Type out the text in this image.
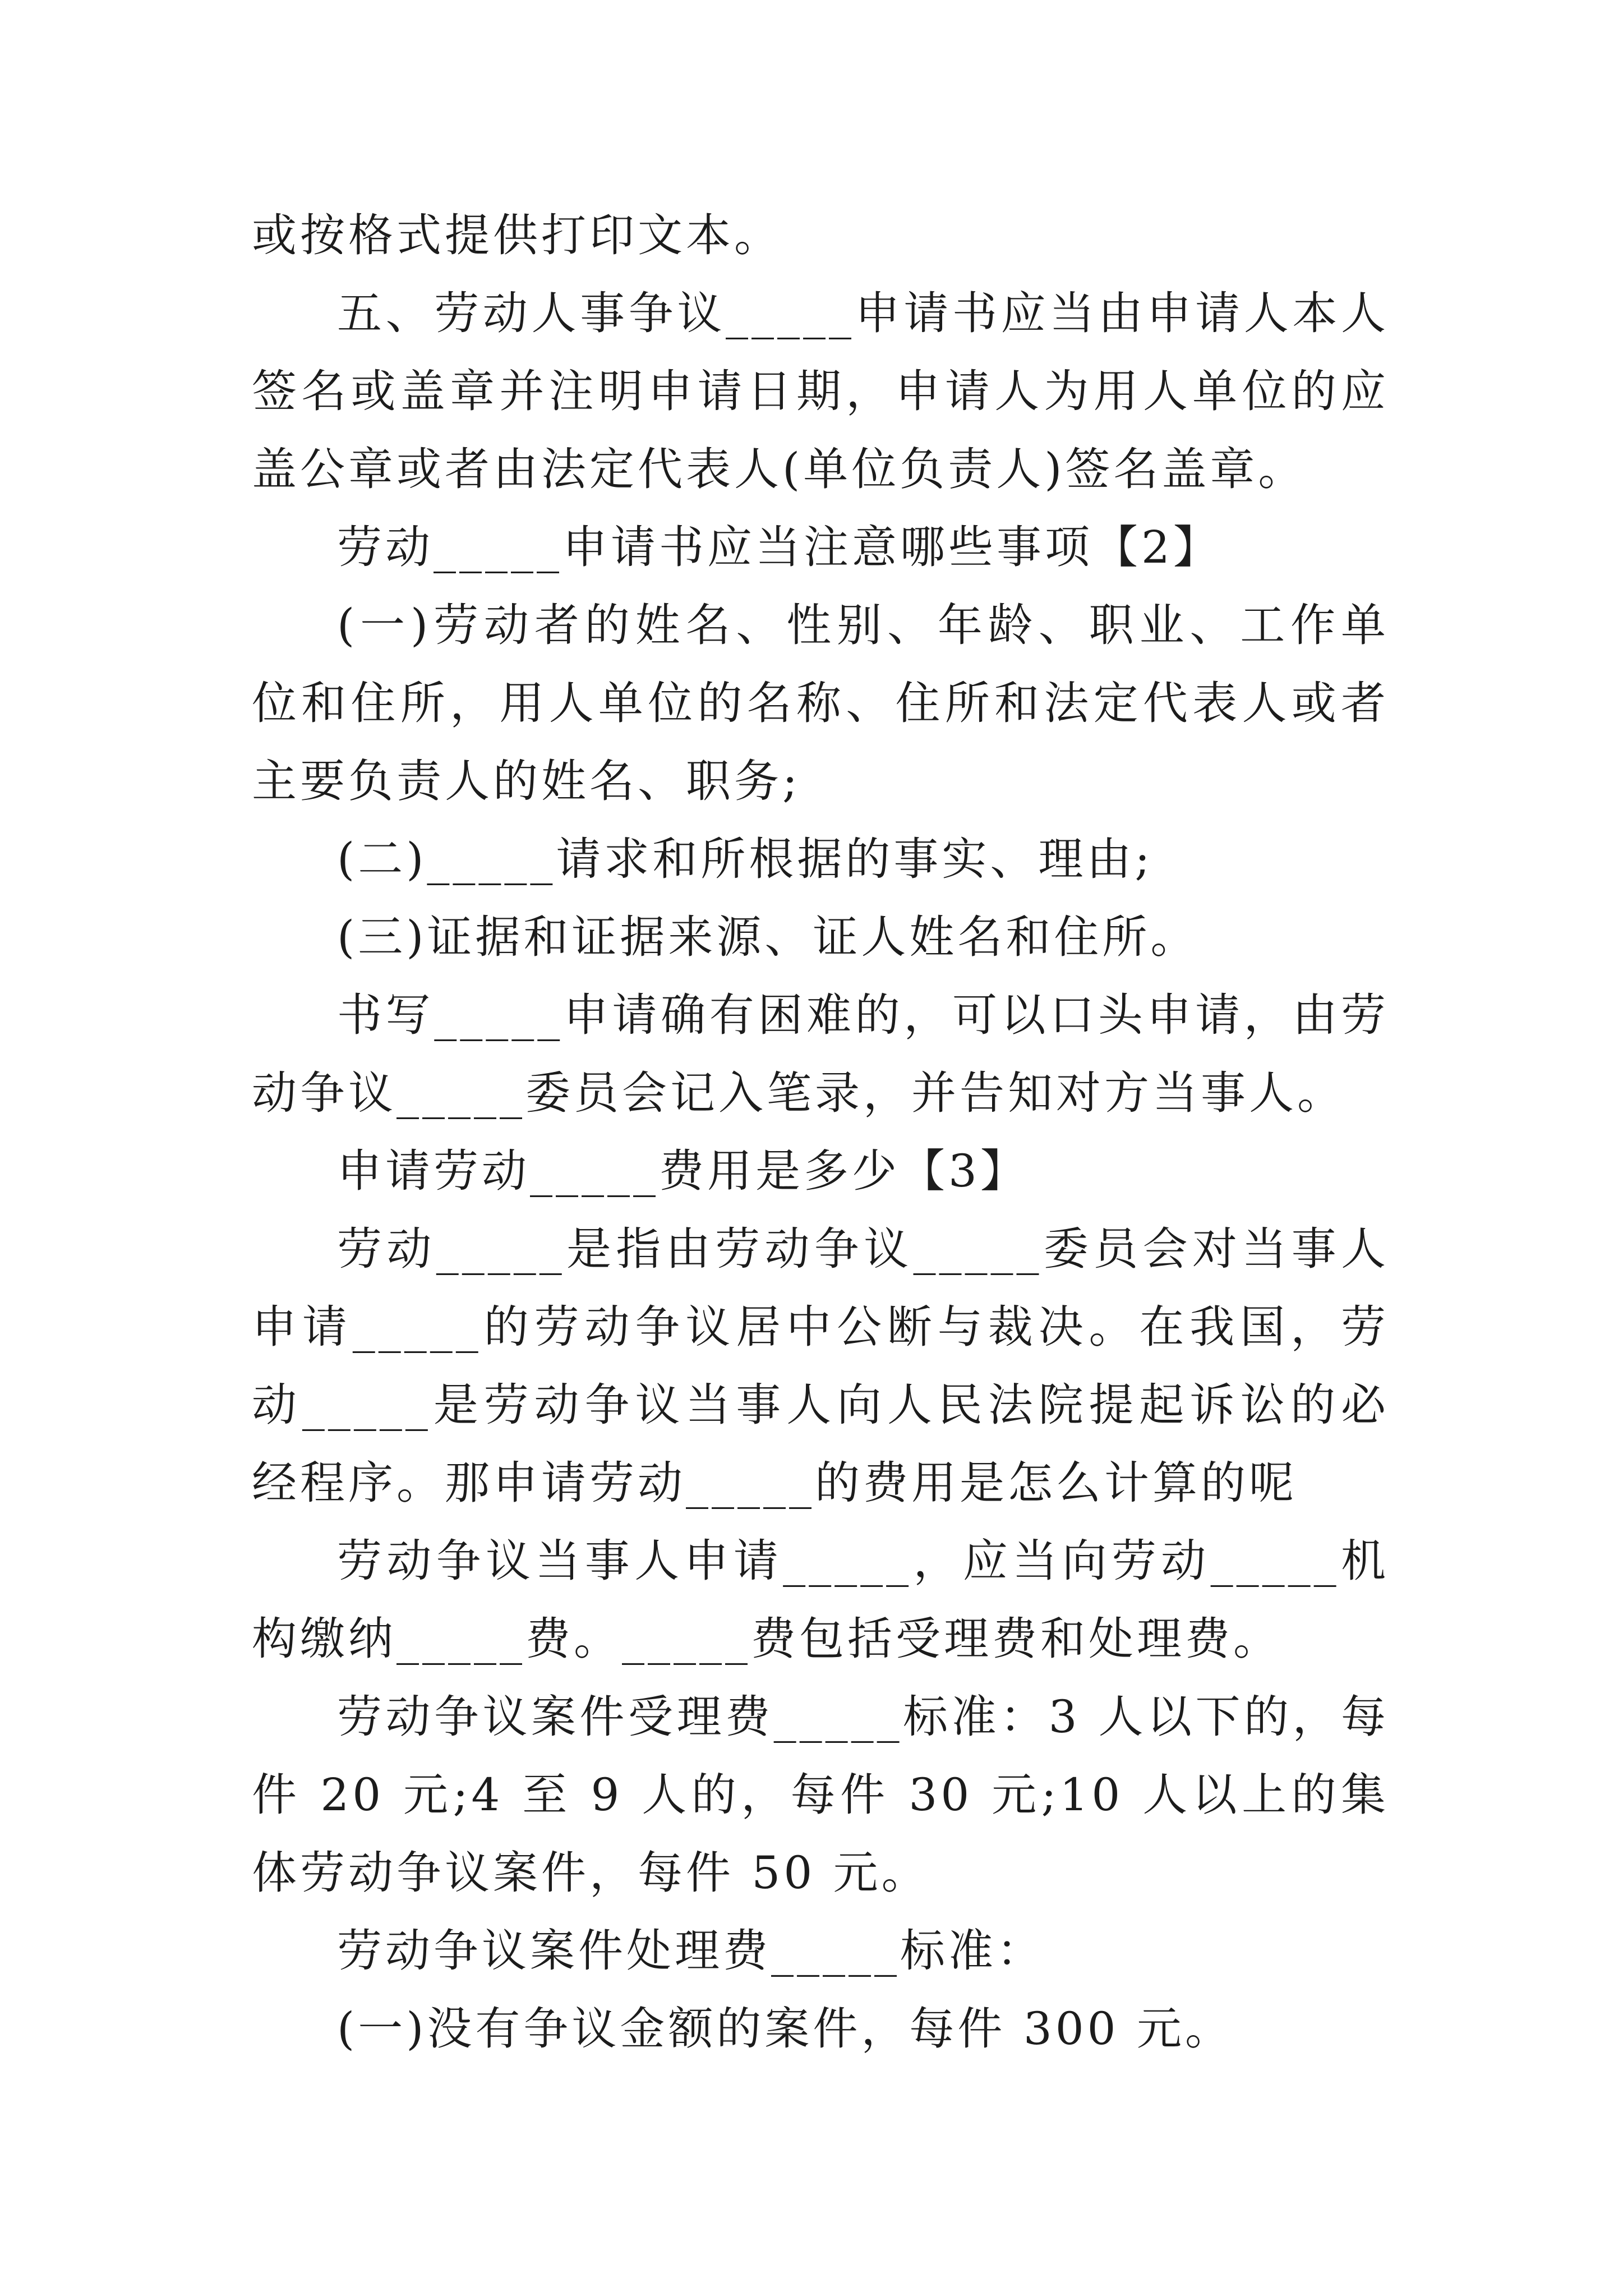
或按格式提供打印文本。

五、劳动人事争议_____申请书应当由申请人本人签名或盖章并注明申请日期，申请人为用人单位的应盖公章或者由法定代表人(单位负责人)签名盖章。

劳动_____申请书应当注意哪些事项【2】

(一)劳动者的姓名、性别、年龄、职业、工作单位和住所，用人单位的名称、住所和法定代表人或者主要负责人的姓名、职务;

(二)_____请求和所根据的事实、理由;

(三)证据和证据来源、证人姓名和住所。

书写_____申请确有困难的，可以口头申请，由劳动争议_____委员会记入笔录，并告知对方当事人。

申请劳动_____费用是多少【3】

劳动_____是指由劳动争议_____委员会对当事人申请_____的劳动争议居中公断与裁决。在我国，劳动_____是劳动争议当事人向人民法院提起诉讼的必经程序。那申请劳动_____的费用是怎么计算的呢

劳动争议当事人申请_____，应当向劳动_____机构缴纳_____费。_____费包括受理费和处理费。

劳动争议案件受理费_____标准：3 人以下的，每件 20 元;4 至 9 人的，每件 30 元;10 人以上的集体劳动争议案件，每件 50 元。

劳动争议案件处理费_____标准：

(一)没有争议金额的案件，每件 300 元。
